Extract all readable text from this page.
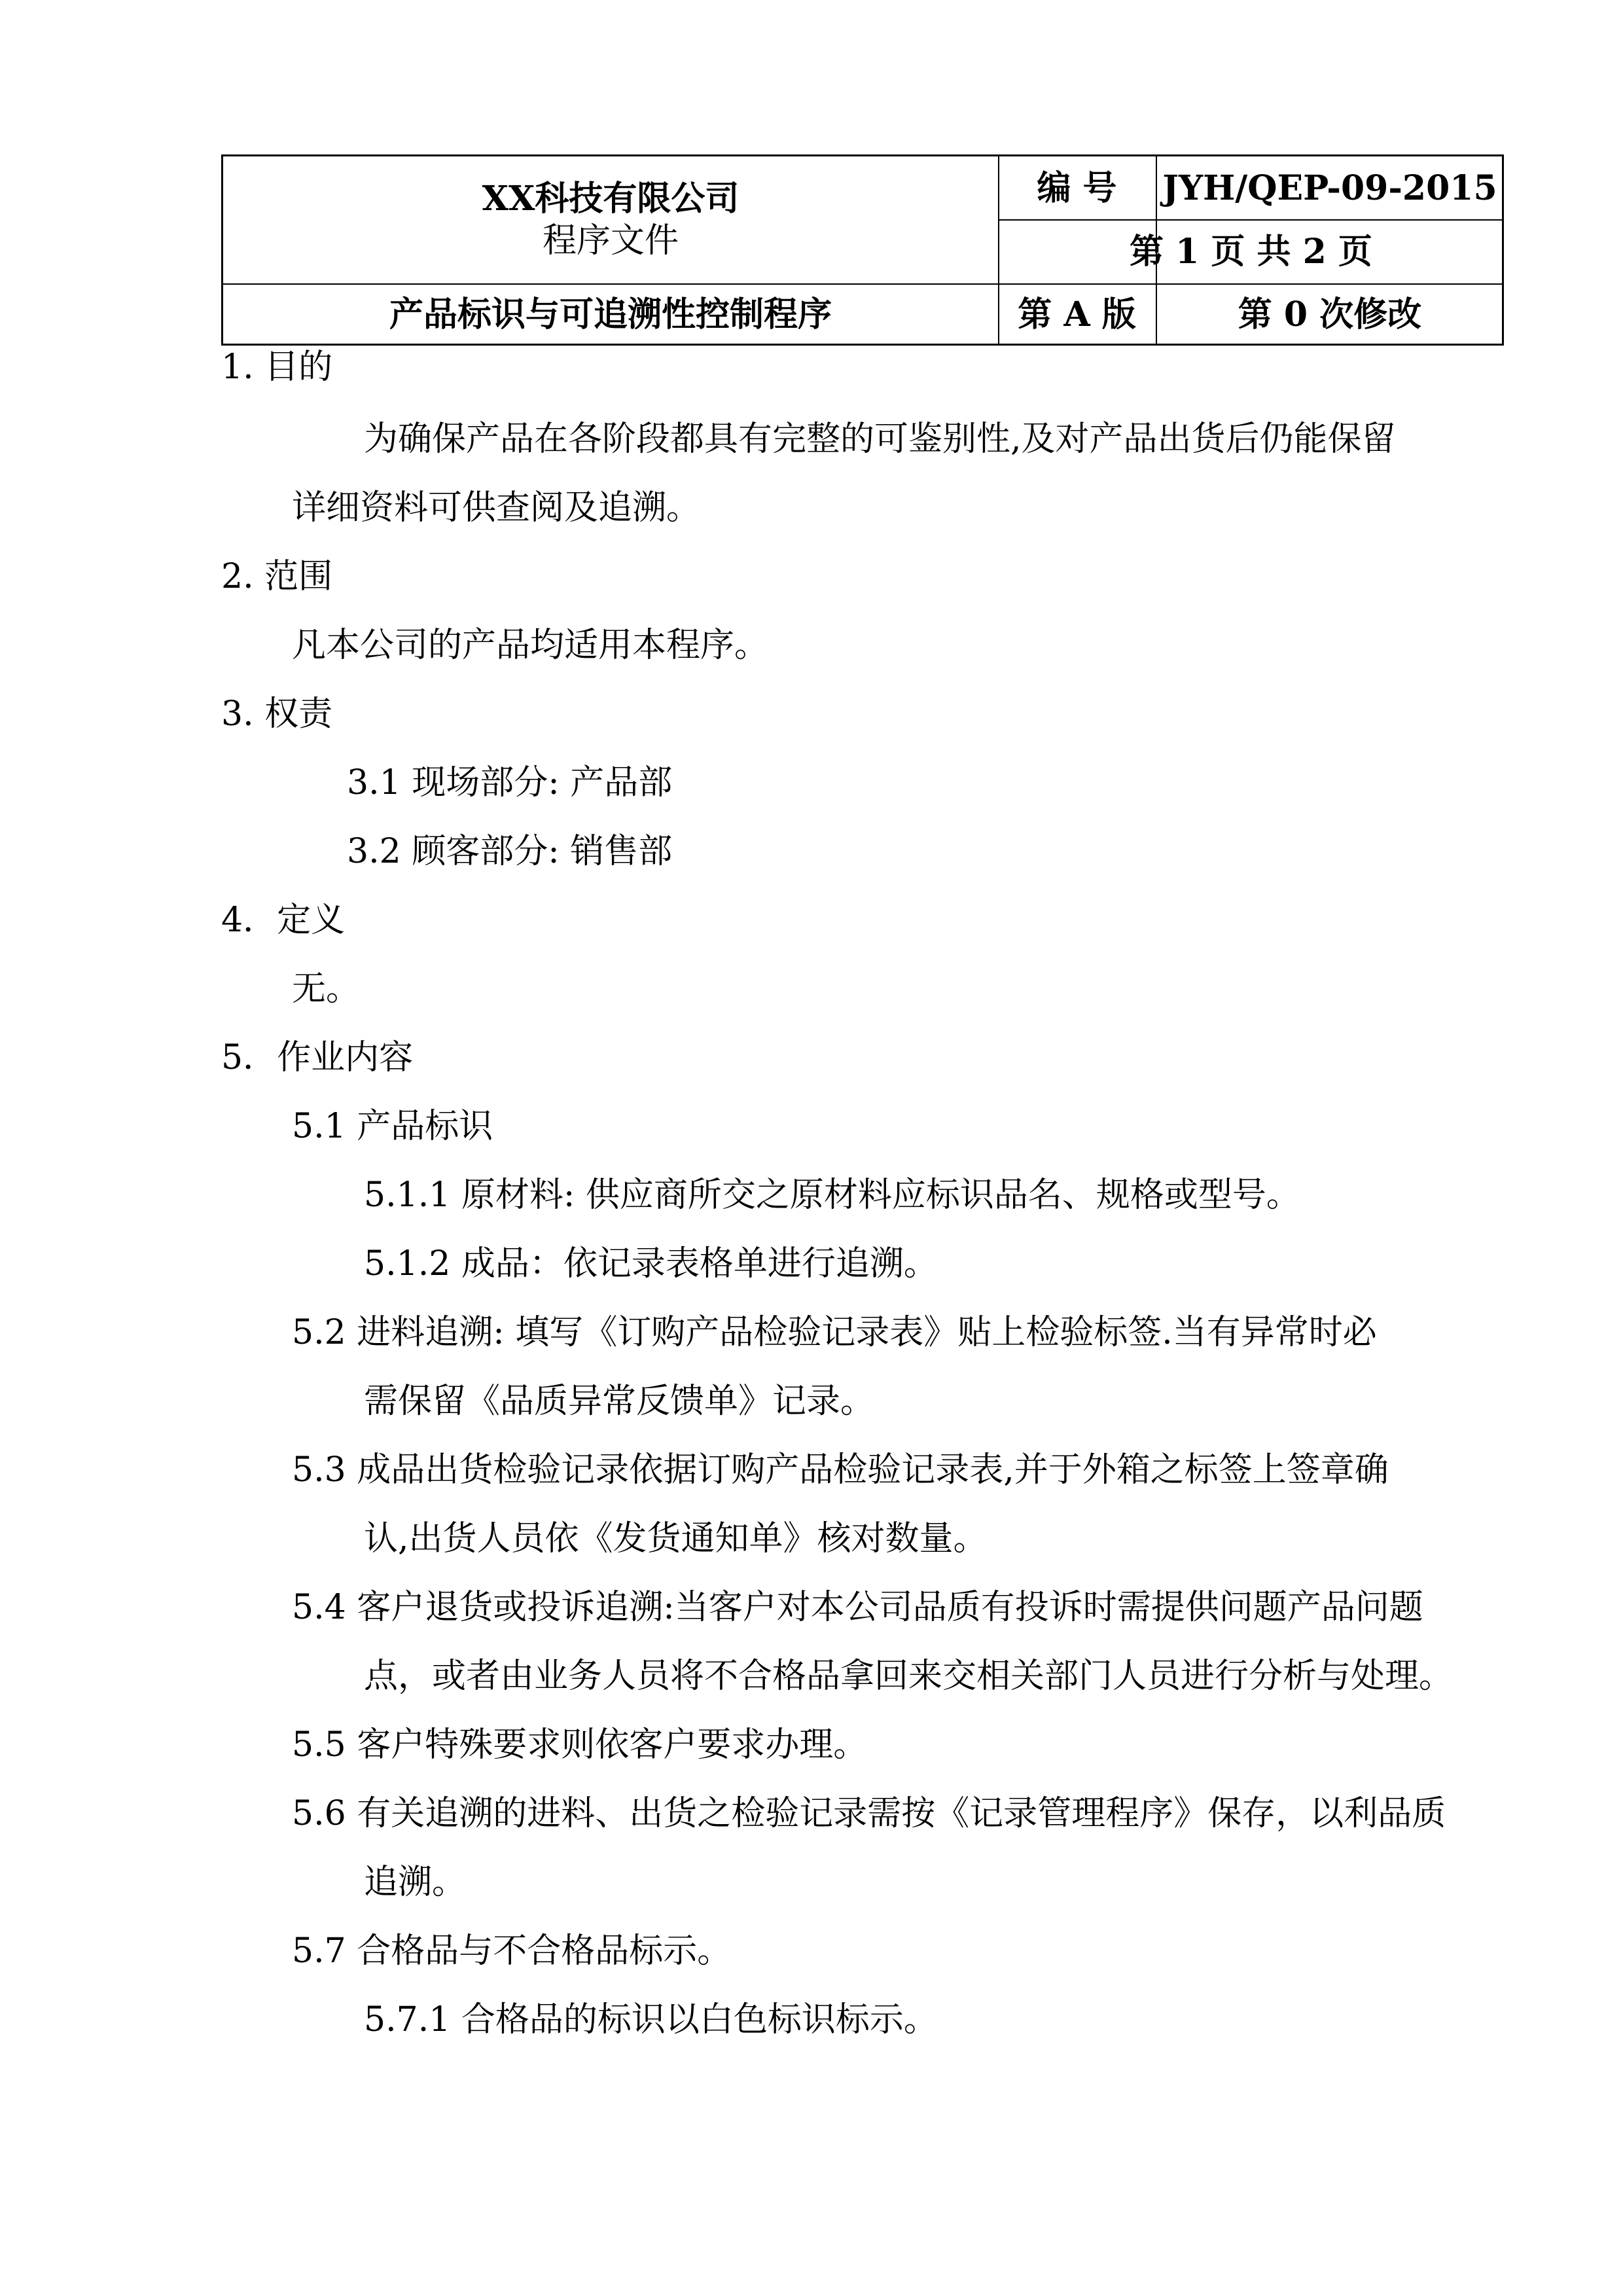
XX科技有限公司
程序文件
编 号	JYH/QEP-09-2015
第 1 页 共 2 页
产品标识与可追溯性控制程序	第 A 版	第 0 次修改
1. 目的
为确保产品在各阶段都具有完整的可鉴别性,及对产品出货后仍能保留
详细资料可供查阅及追溯。
2. 范围
凡本公司的产品均适用本程序。
3. 权责
3.1 现场部分: 产品部
3.2 顾客部分: 销售部
4．定义
无。
5．作业内容
5.1 产品标识
5.1.1 原材料: 供应商所交之原材料应标识品名、规格或型号。
5.1.2 成品：依记录表格单进行追溯。
5.2 进料追溯: 填写《订购产品检验记录表》贴上检验标签.当有异常时必
需保留《品质异常反馈单》记录。
5.3 成品出货检验记录依据订购产品检验记录表,并于外箱之标签上签章确
认,出货人员依《发货通知单》核对数量。
5.4 客户退货或投诉追溯:当客户对本公司品质有投诉时需提供问题产品问题
点，或者由业务人员将不合格品拿回来交相关部门人员进行分析与处理。
5.5 客户特殊要求则依客户要求办理。
5.6 有关追溯的进料、出货之检验记录需按《记录管理程序》保存，以利品质
追溯。
5.7 合格品与不合格品标示。
5.7.1 合格品的标识以白色标识标示。
